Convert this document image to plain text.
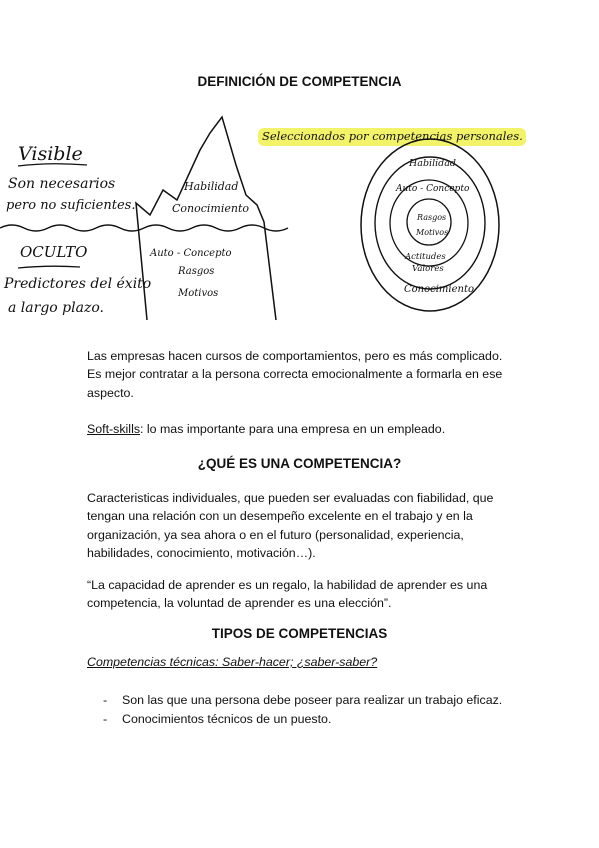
DEFINICIÓN DE COMPETENCIA
Visible
Son necesarios
pero no suficientes.
OCULTO
Predictores del éxito
a largo plazo.
Habilidad
Conocimiento
Auto - Concepto
Rasgos
Motivos
Seleccionados por competencias personales.
Habilidad
Auto - Concepto
Rasgos
Motivos
Actitudes
Valores
Conocimiento

Las empresas hacen cursos de comportamientos, pero es más complicado. Es mejor contratar a la persona correcta emocionalmente a formarla en ese aspecto.

Soft-skills: lo mas importante para una empresa en un empleado.

¿QUÉ ES UNA COMPETENCIA?

Caracteristicas individuales, que pueden ser evaluadas con fiabilidad, que tengan una relación con un desempeño excelente en el trabajo y en la organización, ya sea ahora o en el futuro (personalidad, experiencia, habilidades, conocimiento, motivación…).

“La capacidad de aprender es un regalo, la habilidad de aprender es una competencia, la voluntad de aprender es una elección”.

TIPOS DE COMPETENCIAS

Competencias técnicas: Saber-hacer; ¿saber-saber?

- Son las que una persona debe poseer para realizar un trabajo eficaz.
- Conocimientos técnicos de un puesto.
